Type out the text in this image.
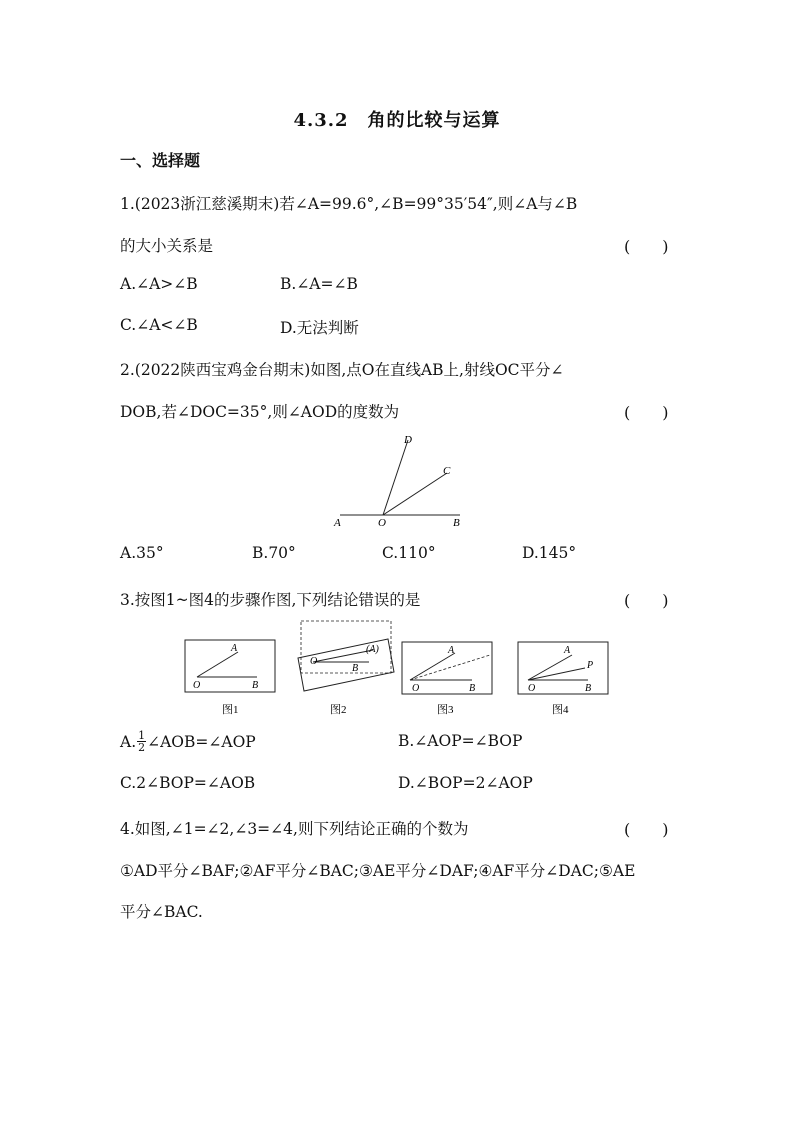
4.3.2　角的比较与运算
一、选择题
1.(2023浙江慈溪期末)若∠A=99.6°,∠B=99°35′54″,则∠A与∠B
的大小关系是	(　　)
A.∠A>∠B	B.∠A=∠B
C.∠A<∠B	D.无法判断
2.(2022陕西宝鸡金台期末)如图,点O在直线AB上,射线OC平分∠
DOB,若∠DOC=35°,则∠AOD的度数为	(　　)
D
C
A	O	B
A.35°	B.70°	C.110°	D.145°
3.按图1~图4的步骤作图,下列结论错误的是	(　　)
A
O	B
图1
O
B
(A)
图2
A
O	B
图3
A
P
O	B
图4
A. $\frac{1}{2}$ ∠AOB=∠AOP	B.∠AOP=∠BOP
C.2∠BOP=∠AOB	D.∠BOP=2∠AOP
4.如图,∠1=∠2,∠3=∠4,则下列结论正确的个数为	(　　)
①AD平分∠BAF;②AF平分∠BAC;③AE平分∠DAF;④AF平分∠DAC;⑤AE
平分∠BAC.
